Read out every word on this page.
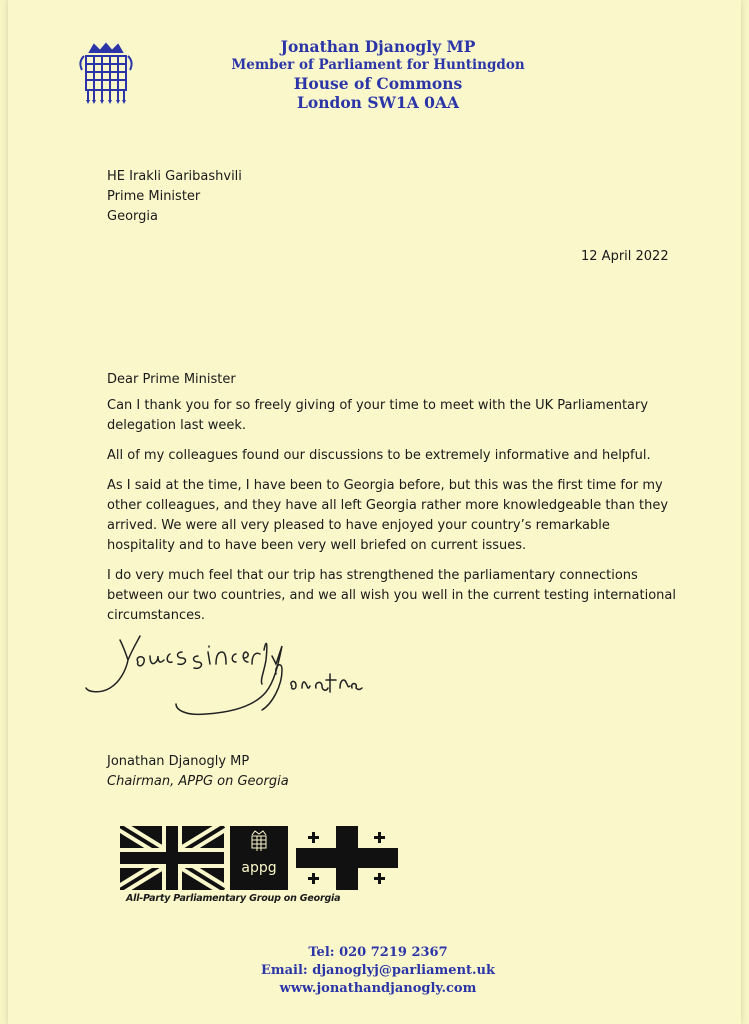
Jonathan Djanogly MP
Member of Parliament for Huntingdon
House of Commons
London SW1A 0AA
HE Irakli Garibashvili
Prime Minister
Georgia
12 April 2022

Dear Prime Minister

Can I thank you for so freely giving of your time to meet with the UK Parliamentary delegation last week.

All of my colleagues found our discussions to be extremely informative and helpful.

As I said at the time, I have been to Georgia before, but this was the first time for my other colleagues, and they have all left Georgia rather more knowledgeable than they arrived. We were all very pleased to have enjoyed your country’s remarkable hospitality and to have been very well briefed on current issues.

I do very much feel that our trip has strengthened the parliamentary connections between our two countries, and we all wish you well in the current testing international circumstances.

Jonathan Djanogly MP
Chairman, APPG on Georgia
appg
All-Party Parliamentary Group on Georgia
Tel: 020 7219 2367
Email: djanoglyj@parliament.uk
www.jonathandjanogly.com
